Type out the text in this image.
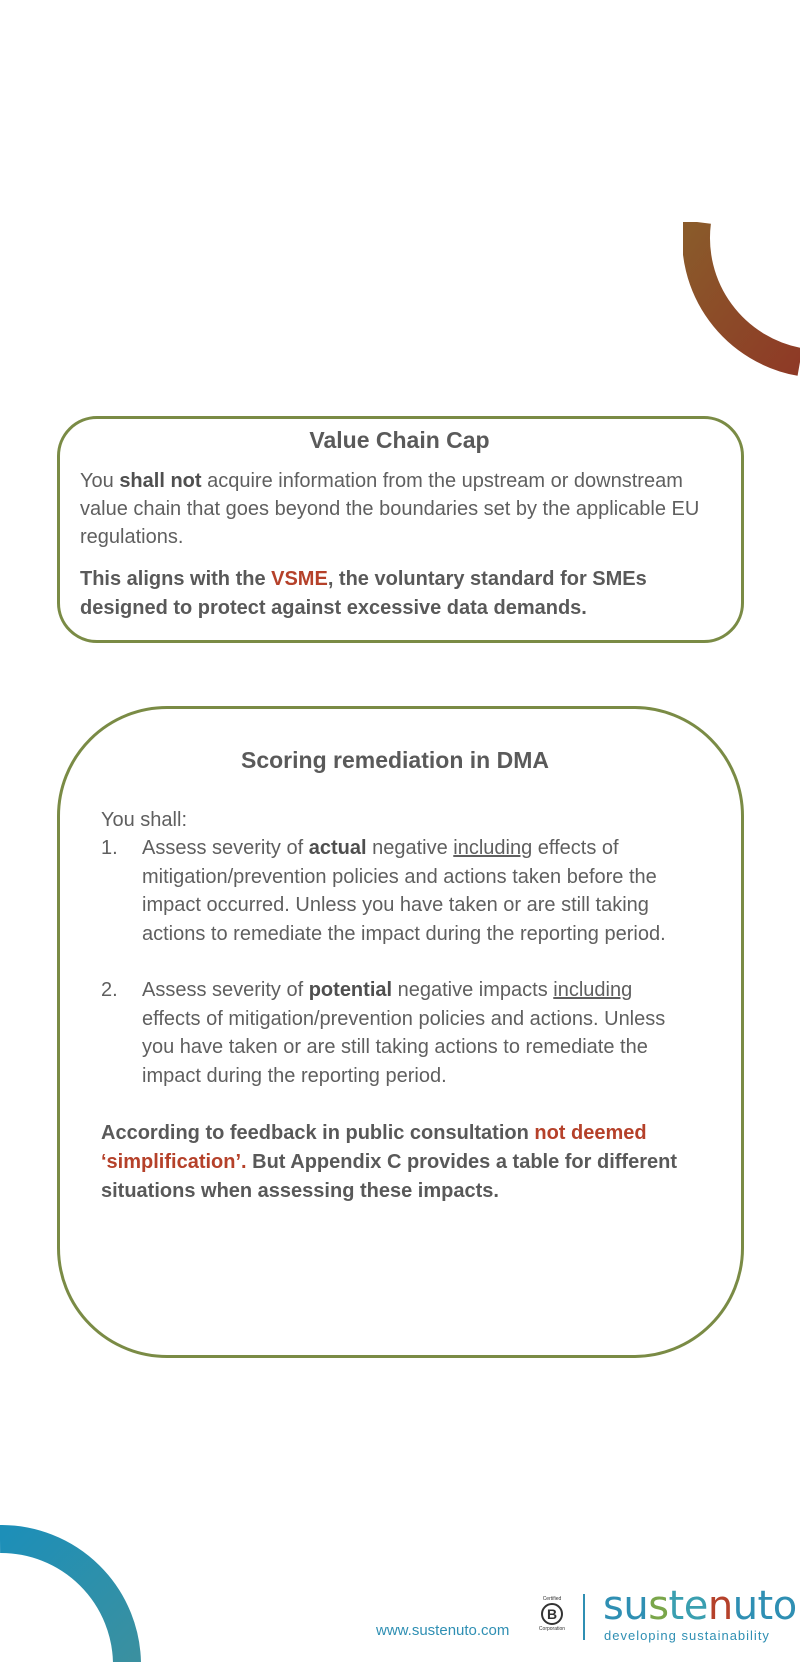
Value Chain Cap

You shall not acquire information from the upstream or downstream value chain that goes beyond the boundaries set by the applicable EU regulations.

This aligns with the VSME, the voluntary standard for SMEs designed to protect against excessive data demands.

Scoring remediation in DMA

You shall:

1. Assess severity of actual negative including effects of mitigation/prevention policies and actions taken before the impact occurred. Unless you have taken or are still taking actions to remediate the impact during the reporting period.
2. Assess severity of potential negative impacts including effects of mitigation/prevention policies and actions. Unless you have taken or are still taking actions to remediate the impact during the reporting period.

According to feedback in public consultation not deemed ‘simplification’. But Appendix C provides a table for different situations when assessing these impacts.

www.sustenuto.com
Certified
B
Corporation sustenuto
developing sustainability
